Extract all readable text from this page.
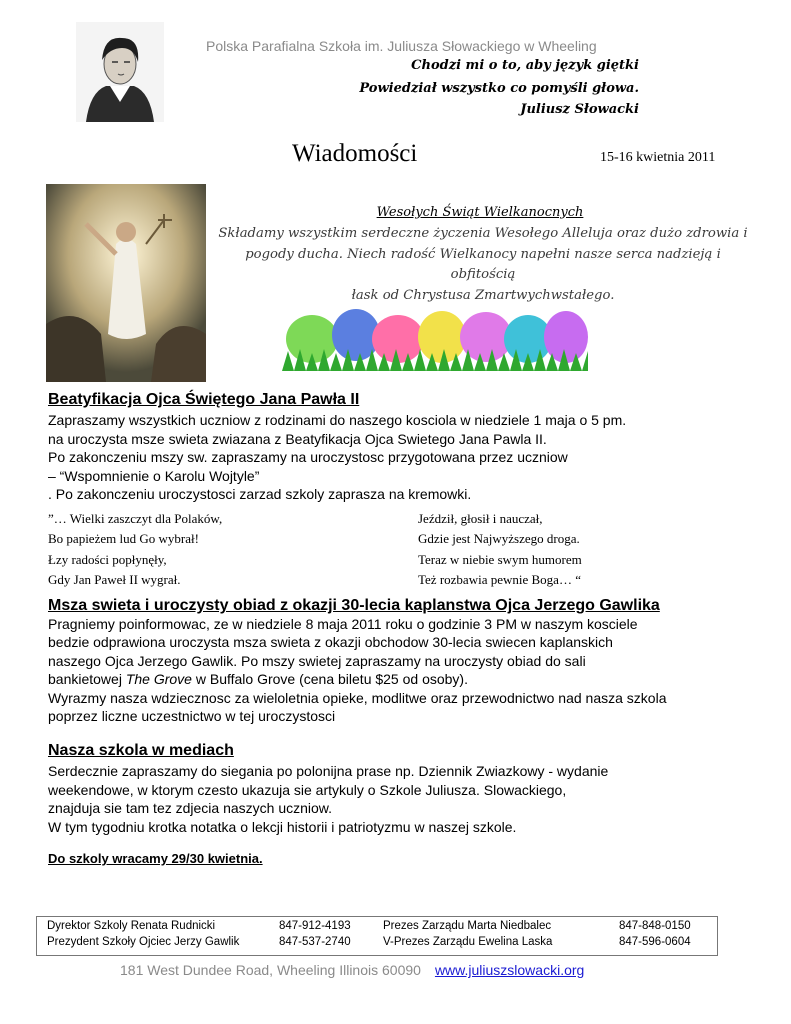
Polska Parafialna Szkoła im. Juliusza Słowackiego w Wheeling
Chodzi mi o to, aby język giętki
Powiedział wszystko co pomyśli głowa.
Juliusz Słowacki
Wiadomości	15-16 kwietnia 2011
Wesołych Świąt Wielkanocnych
Składamy wszystkim serdeczne życzenia Wesołego Alleluja oraz dużo zdrowia i
pogody ducha. Niech radość Wielkanocy napełni nasze serca nadzieją i obfitością
łask od Chrystusa Zmartwychwstałego.
Beatyfikacja Ojca Świętego Jana Pawła II
Zapraszamy wszystkich uczniow z rodzinami do naszego kosciola w niedziele 1 maja o 5 pm.
na uroczysta msze swieta zwiazana z Beatyfikacja Ojca Swietego Jana Pawla II.
Po zakonczeniu mszy sw. zapraszamy na uroczystosc przygotowana przez uczniow
– “Wspomnienie o Karolu Wojtyle”
. Po zakonczeniu uroczystosci zarzad szkoly zaprasza na kremowki.
”… Wielki zaszczyt dla Polaków,
Bo papieżem lud Go wybrał!
Łzy radości popłynęły,
Gdy Jan Paweł II wygrał.
Jeździł, głosił i nauczał,
Gdzie jest Najwyższego droga.
Teraz w niebie swym humorem
Też rozbawia pewnie Boga… “
Msza swieta i uroczysty obiad z okazji 30-lecia kaplanstwa Ojca Jerzego Gawlika
Pragniemy poinformowac, ze w niedziele 8 maja 2011 roku o godzinie 3 PM w naszym kosciele
bedzie odprawiona uroczysta msza swieta z okazji obchodow 30-lecia swiecen kaplanskich
naszego Ojca Jerzego Gawlik. Po mszy swietej zapraszamy na uroczysty obiad do sali
bankietowej The Grove w Buffalo Grove (cena biletu $25 od osoby).
Wyrazmy nasza wdziecznosc za wieloletnia opieke, modlitwe oraz przewodnictwo nad nasza szkola
poprzez liczne uczestnictwo w tej uroczystosci
Nasza szkola w mediach
Serdecznie zapraszamy do siegania po polonijna prase np. Dziennik Zwiazkowy - wydanie
weekendowe, w ktorym czesto ukazuja sie artykuly o Szkole Juliusza. Slowackiego,
znajduja sie tam tez zdjecia naszych uczniow.
W tym tygodniu krotka notatka o lekcji historii i patriotyzmu w naszej szkole.
Do szkoly wracamy 29/30 kwietnia.
Dyrektor Szkoly Renata Rudnicki	847-912-4193	Prezes Zarządu Marta Niedbalec	847-848-0150
Prezydent Szkoły Ojciec Jerzy Gawlik	847-537-2740	V-Prezes Zarządu Ewelina Laska	847-596-0604
181 West Dundee Road, Wheeling Illinois 60090 www.juliuszslowacki.org
